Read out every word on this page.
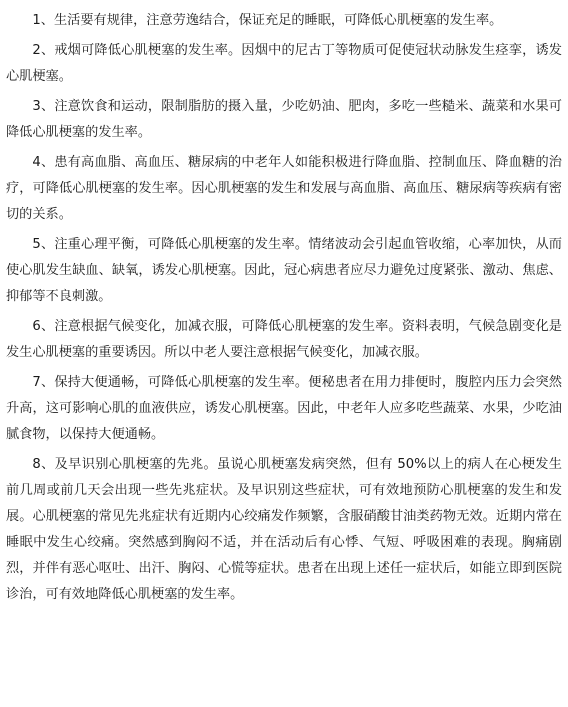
1、生活要有规律，注意劳逸结合，保证充足的睡眠，可降低心肌梗塞的发生率。

2、戒烟可降低心肌梗塞的发生率。因烟中的尼古丁等物质可促使冠状动脉发生痉挛，诱发心肌梗塞。

3、注意饮食和运动，限制脂肪的摄入量，少吃奶油、肥肉，多吃一些糙米、蔬菜和水果可降低心肌梗塞的发生率。

4、患有高血脂、高血压、糖尿病的中老年人如能积极进行降血脂、控制血压、降血糖的治疗，可降低心肌梗塞的发生率。因心肌梗塞的发生和发展与高血脂、高血压、糖尿病等疾病有密切的关系。

5、注重心理平衡，可降低心肌梗塞的发生率。情绪波动会引起血管收缩，心率加快，从而使心肌发生缺血、缺氧，诱发心肌梗塞。因此，冠心病患者应尽力避免过度紧张、激动、焦虑、抑郁等不良刺激。

6、注意根据气候变化，加减衣服，可降低心肌梗塞的发生率。资料表明，气候急剧变化是发生心肌梗塞的重要诱因。所以中老人要注意根据气候变化，加减衣服。

7、保持大便通畅，可降低心肌梗塞的发生率。便秘患者在用力排便时，腹腔内压力会突然升高，这可影响心肌的血液供应，诱发心肌梗塞。因此，中老年人应多吃些蔬菜、水果，少吃油腻食物，以保持大便通畅。

8、及早识别心肌梗塞的先兆。虽说心肌梗塞发病突然，但有 50%以上的病人在心梗发生前几周或前几天会出现一些先兆症状。及早识别这些症状，可有效地预防心肌梗塞的发生和发展。心肌梗塞的常见先兆症状有近期内心绞痛发作频繁，含服硝酸甘油类药物无效。近期内常在睡眠中发生心绞痛。突然感到胸闷不适，并在活动后有心悸、气短、呼吸困难的表现。胸痛剧烈，并伴有恶心呕吐、出汗、胸闷、心慌等症状。患者在出现上述任一症状后，如能立即到医院诊治，可有效地降低心肌梗塞的发生率。
